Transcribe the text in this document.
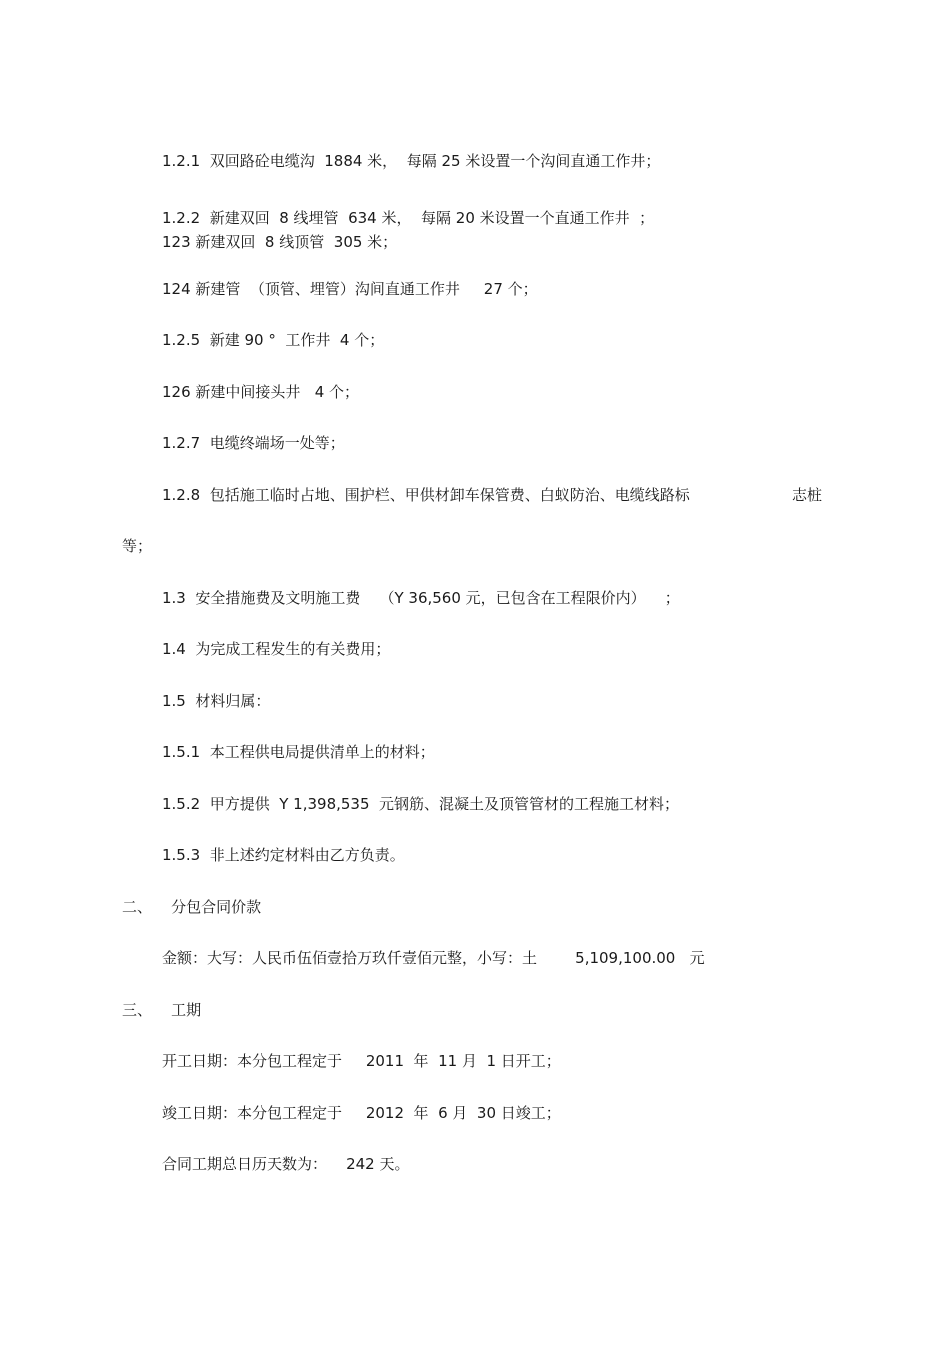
1.2.1  双回路砼电缆沟  1884 米，  每隔 25 米设置一个沟间直通工作井；
1.2.2  新建双回  8 线埋管  634 米，  每隔 20 米设置一个直通工作井  ；
123 新建双回  8 线顶管  305 米；
124 新建管  （顶管、埋管）沟间直通工作井     27 个；
1.2.5  新建 90 °  工作井  4 个；
126 新建中间接头井   4 个；
1.2.7  电缆终端场一处等；
1.2.8  包括施工临时占地、围护栏、甲供材卸车保管费、白蚁防治、电缆线路标	志桩
等；
1.3  安全措施费及文明施工费    （Y 36,560 元，已包含在工程限价内）    ；
1.4  为完成工程发生的有关费用；
1.5  材料归属：
1.5.1  本工程供电局提供清单上的材料；
1.5.2  甲方提供  Y 1,398,535  元钢筋、混凝土及顶管管材的工程施工材料；
1.5.3  非上述约定材料由乙方负责。
二、    分包合同价款
金额：大写：人民币伍佰壹拾万玖仟壹佰元整，小写：土        5,109,100.00   元
三、    工期
开工日期：本分包工程定于     2011  年  11 月  1 日开工；
竣工日期：本分包工程定于     2012  年  6 月  30 日竣工；
合同工期总日历天数为：    242 天。
